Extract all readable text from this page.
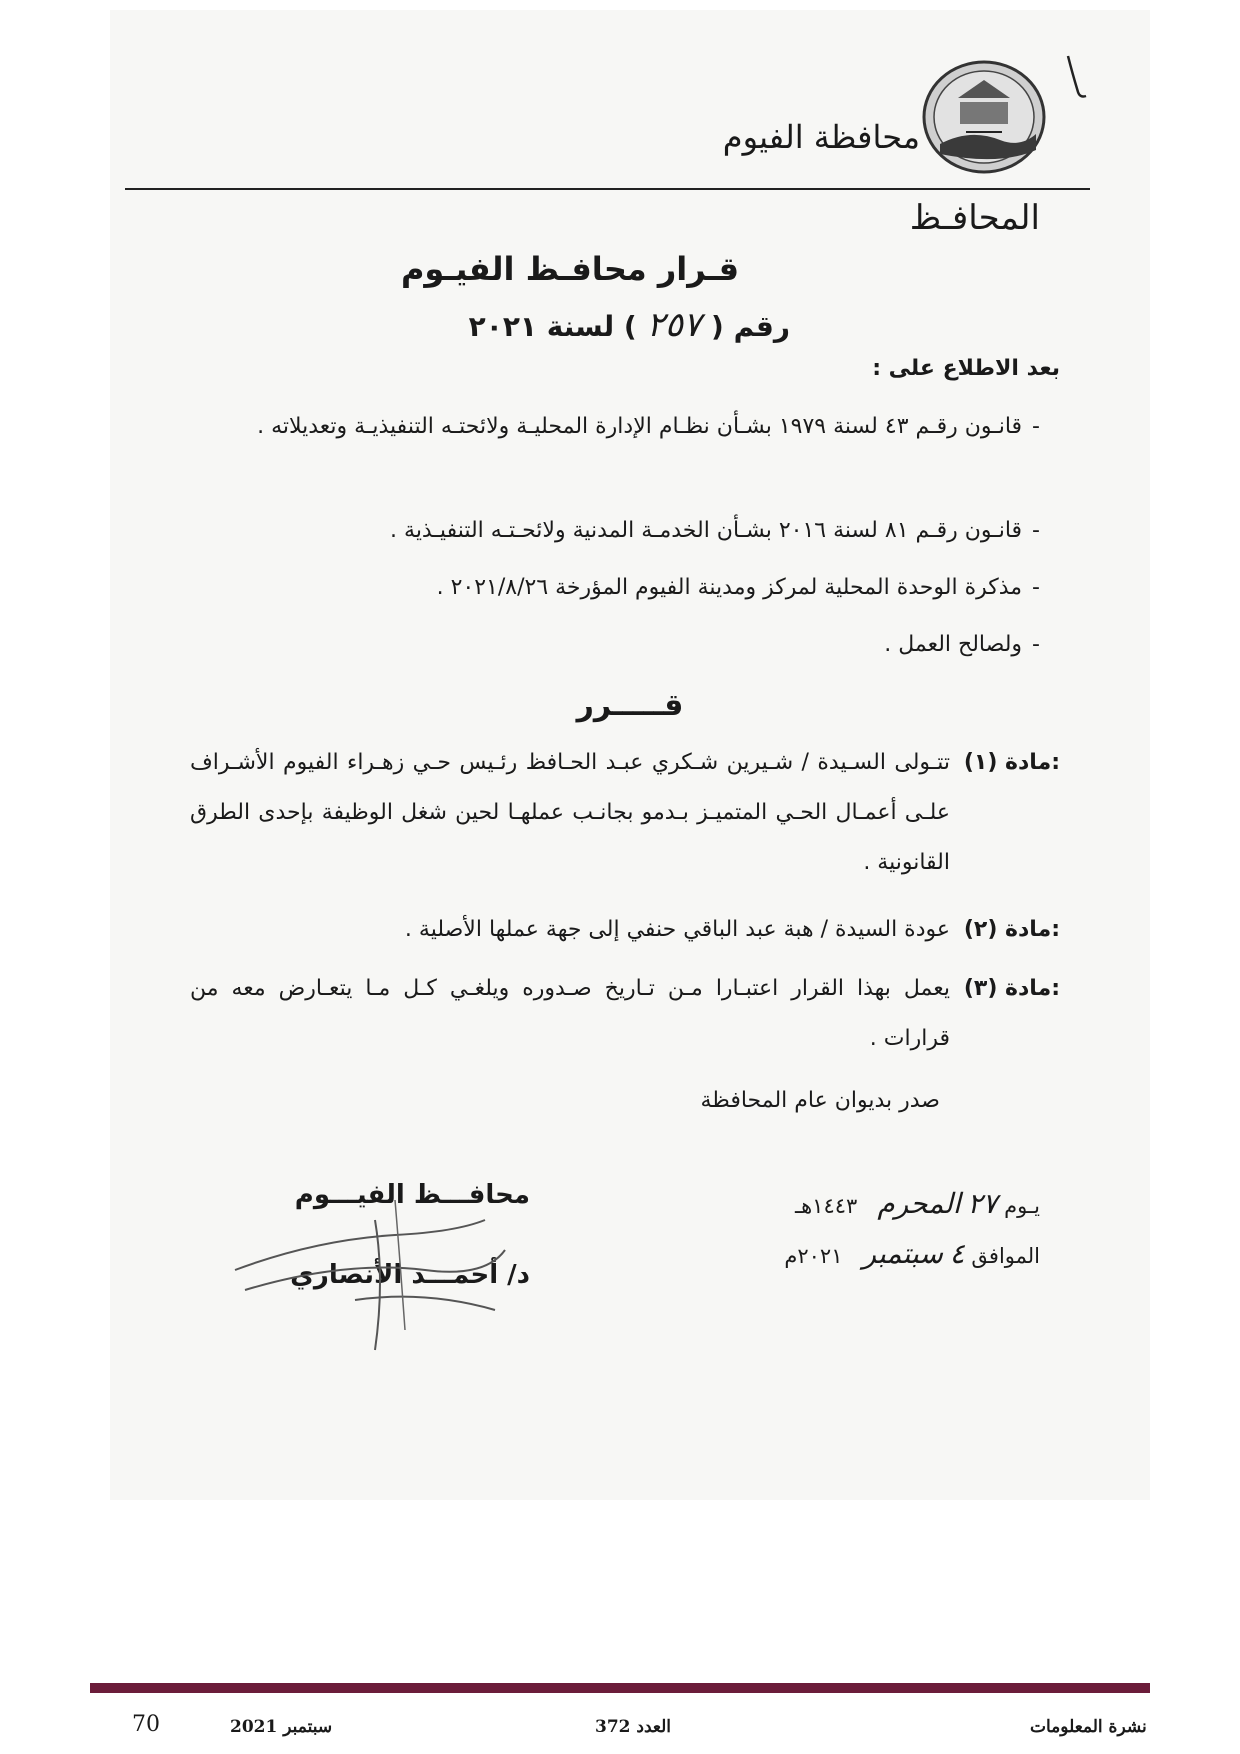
محافظة الفيوم
المحافـظ
قـرار محافـظ الفيـوم
رقم ( ٢٥٧ ) لسنة ٢٠٢١
بعد الاطلاع على :
-قانـون رقـم ٤٣ لسنة ١٩٧٩ بشـأن نظـام الإدارة المحليـة ولائحتـه التنفيذيـة وتعديلاته .
-قانـون رقـم ٨١ لسنة ٢٠١٦ بشـأن الخدمـة المدنية ولائحـتـه التنفيـذية .
-مذكرة الوحدة المحلية لمركز ومدينة الفيوم المؤرخة ٢٠٢١/٨/٢٦ .
-ولصالح العمل .
قـــــرر
مادة (١):
تتـولى السـيدة / شـيرين شـكري عبـد الحـافظ رئـيس حـي زهـراء الفيوم الأشـراف علـى أعمـال الحـي المتميـز بـدمو بجانـب عملهـا لحين شغل الوظيفة بإحدى الطرق القانونية .
مادة (٢):
عودة السيدة / هبة عبد الباقي حنفي إلى جهة عملها الأصلية .
مادة (٣):
يعمل بهذا القرار اعتبـارا مـن تـاريخ صـدوره ويلغـي كـل مـا يتعـارض معه من قرارات .
صدر بديوان عام المحافظة
محافـــظ الفيـــوم
د/ أحمـــد الأنصاري
يـوم ٢٧ المحرم   ١٤٤٣هـ
الموافق ٤ سبتمبر   ٢٠٢١م
70	سبتمبر 2021	العدد 372	نشرة المعلومات
